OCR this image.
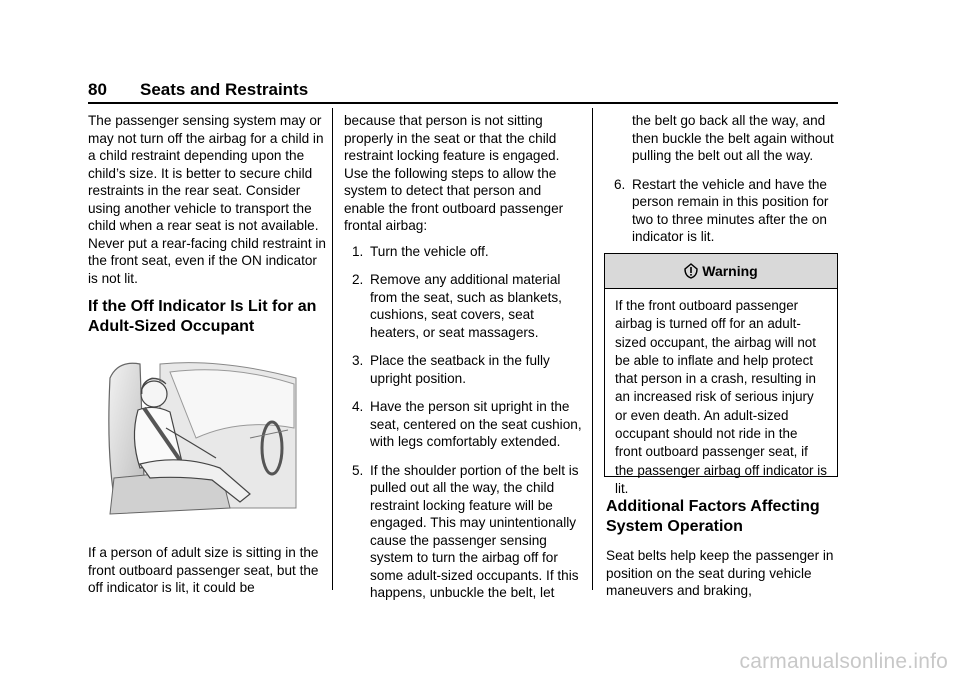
80 Seats and Restraints

The passenger sensing system may or may not turn off the airbag for a child in a child restraint depending upon the child’s size. It is better to secure child restraints in the rear seat. Consider using another vehicle to transport the child when a rear seat is not available. Never put a rear-facing child restraint in the front seat, even if the ON indicator is not lit.

If the Off Indicator Is Lit for an Adult-Sized Occupant

If a person of adult size is sitting in the front outboard passenger seat, but the off indicator is lit, it could be

because that person is not sitting properly in the seat or that the child restraint locking feature is engaged. Use the following steps to allow the system to detect that person and enable the front outboard passenger frontal airbag:

1. Turn the vehicle off.
2. Remove any additional material from the seat, such as blankets, cushions, seat covers, seat heaters, or seat massagers.
3. Place the seatback in the fully upright position.
4. Have the person sit upright in the seat, centered on the seat cushion, with legs comfortably extended.
5. If the shoulder portion of the belt is pulled out all the way, the child restraint locking feature will be engaged. This may unintentionally cause the passenger sensing system to turn the airbag off for some adult-sized occupants. If this happens, unbuckle the belt, let
the belt go back all the way, and then buckle the belt again without pulling the belt out all the way.
6. Restart the vehicle and have the person remain in this position for two to three minutes after the on indicator is lit.
Warning
If the front outboard passenger airbag is turned off for an adult-sized occupant, the airbag will not be able to inflate and help protect that person in a crash, resulting in an increased risk of serious injury or even death. An adult-sized occupant should not ride in the front outboard passenger seat, if the passenger airbag off indicator is lit.
Additional Factors Affecting System Operation

Seat belts help keep the passenger in position on the seat during vehicle maneuvers and braking,

carmanualsonline.info
